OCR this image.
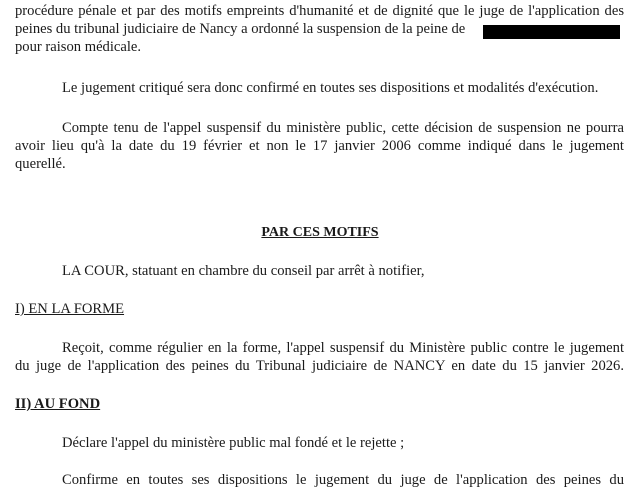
procédure pénale et par des motifs empreints d'humanité et de dignité que le juge de l'application des
peines du tribunal judiciaire de Nancy a ordonné la suspension de la peine de
pour raison médicale.
Le jugement critiqué sera donc confirmé en toutes ses dispositions et modalités d'exécution.
Compte tenu de l'appel suspensif du ministère public, cette décision de suspension ne pourra
avoir lieu qu'à la date du 19 février et non le 17 janvier 2006 comme indiqué dans le jugement
querellé.
PAR CES MOTIFS
LA COUR, statuant en chambre du conseil par arrêt à notifier,
I) EN LA FORME
Reçoit, comme régulier en la forme, l'appel suspensif du Ministère public contre le jugement
du juge de l'application des peines du Tribunal judiciaire de NANCY en date du 15 janvier 2026.
II) AU FOND
Déclare l'appel du ministère public mal fondé et le rejette ;
Confirme en toutes ses dispositions le jugement du juge de l'application des peines du
